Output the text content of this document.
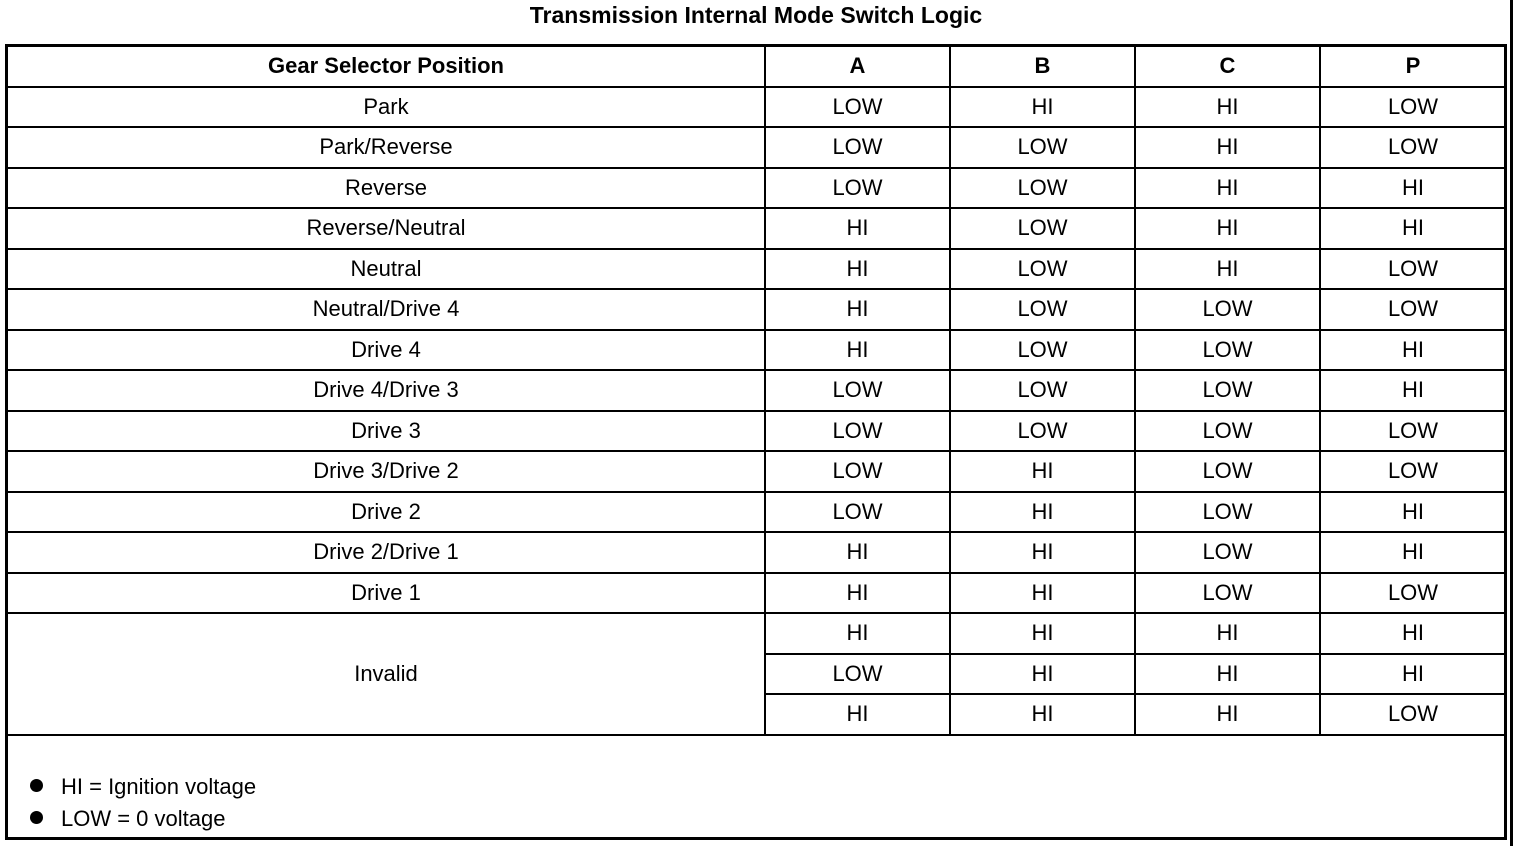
Transmission Internal Mode Switch Logic
Gear Selector Position	A	B	C	P
Park	LOW	HI	HI	LOW
Park/Reverse	LOW	LOW	HI	LOW
Reverse	LOW	LOW	HI	HI
Reverse/Neutral	HI	LOW	HI	HI
Neutral	HI	LOW	HI	LOW
Neutral/Drive 4	HI	LOW	LOW	LOW
Drive 4	HI	LOW	LOW	HI
Drive 4/Drive 3	LOW	LOW	LOW	HI
Drive 3	LOW	LOW	LOW	LOW
Drive 3/Drive 2	LOW	HI	LOW	LOW
Drive 2	LOW	HI	LOW	HI
Drive 2/Drive 1	HI	HI	LOW	HI
Drive 1	HI	HI	LOW	LOW
Invalid	HI	HI	HI	HI
	LOW	HI	HI	HI
	HI	HI	HI	LOW
HI = Ignition voltage
LOW = 0 voltage
